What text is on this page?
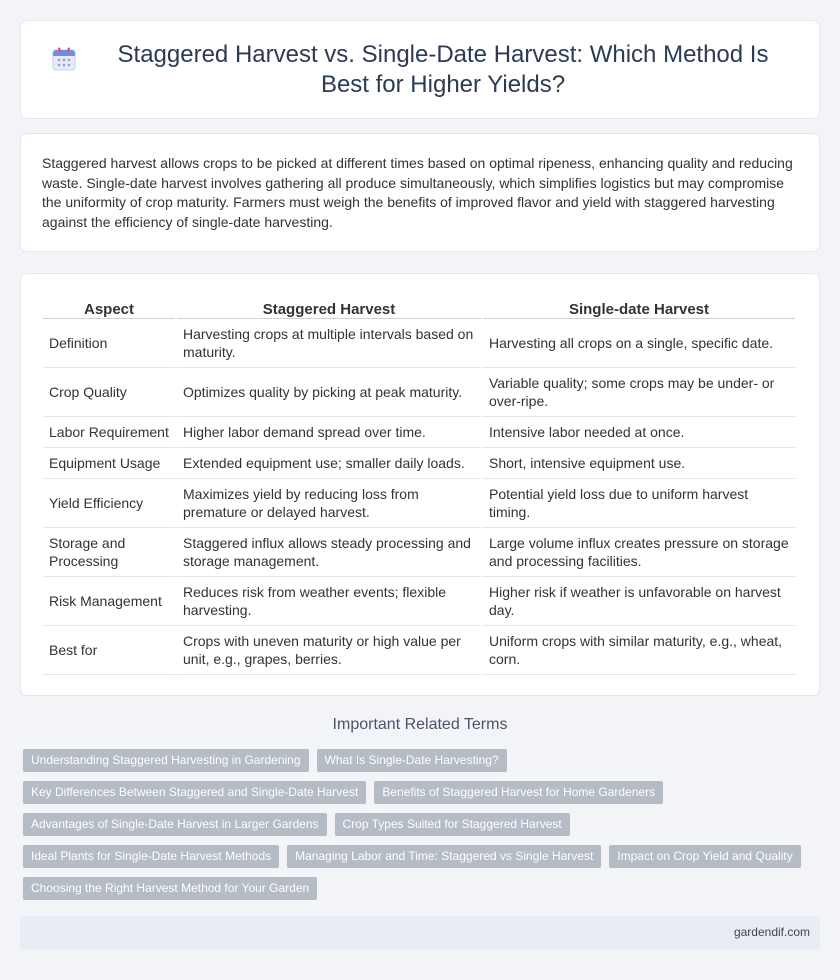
Staggered Harvest vs. Single-Date Harvest: Which Method Is Best for Higher Yields?

Staggered harvest allows crops to be picked at different times based on optimal ripeness, enhancing quality and reducing waste. Single-date harvest involves gathering all produce simultaneously, which simplifies logistics but may compromise the uniformity of crop maturity. Farmers must weigh the benefits of improved flavor and yield with staggered harvesting against the efficiency of single-date harvesting.

Aspect	Staggered Harvest	Single-date Harvest
Definition	Harvesting crops at multiple intervals based on maturity.	Harvesting all crops on a single, specific date.
Crop Quality	Optimizes quality by picking at peak maturity.	Variable quality; some crops may be under- or over-ripe.
Labor Requirement	Higher labor demand spread over time.	Intensive labor needed at once.
Equipment Usage	Extended equipment use; smaller daily loads.	Short, intensive equipment use.
Yield Efficiency	Maximizes yield by reducing loss from premature or delayed harvest.	Potential yield loss due to uniform harvest timing.
Storage and Processing	Staggered influx allows steady processing and storage management.	Large volume influx creates pressure on storage and processing facilities.
Risk Management	Reduces risk from weather events; flexible harvesting.	Higher risk if weather is unfavorable on harvest day.
Best for	Crops with uneven maturity or high value per unit, e.g., grapes, berries.	Uniform crops with similar maturity, e.g., wheat, corn.
Important Related Terms
Understanding Staggered Harvesting in Gardening	What Is Single-Date Harvesting?
Key Differences Between Staggered and Single-Date Harvest	Benefits of Staggered Harvest for Home Gardeners
Advantages of Single-Date Harvest in Larger Gardens	Crop Types Suited for Staggered Harvest
Ideal Plants for Single-Date Harvest Methods	Managing Labor and Time: Staggered vs Single Harvest	Impact on Crop Yield and Quality
Choosing the Right Harvest Method for Your Garden
gardendif.com
